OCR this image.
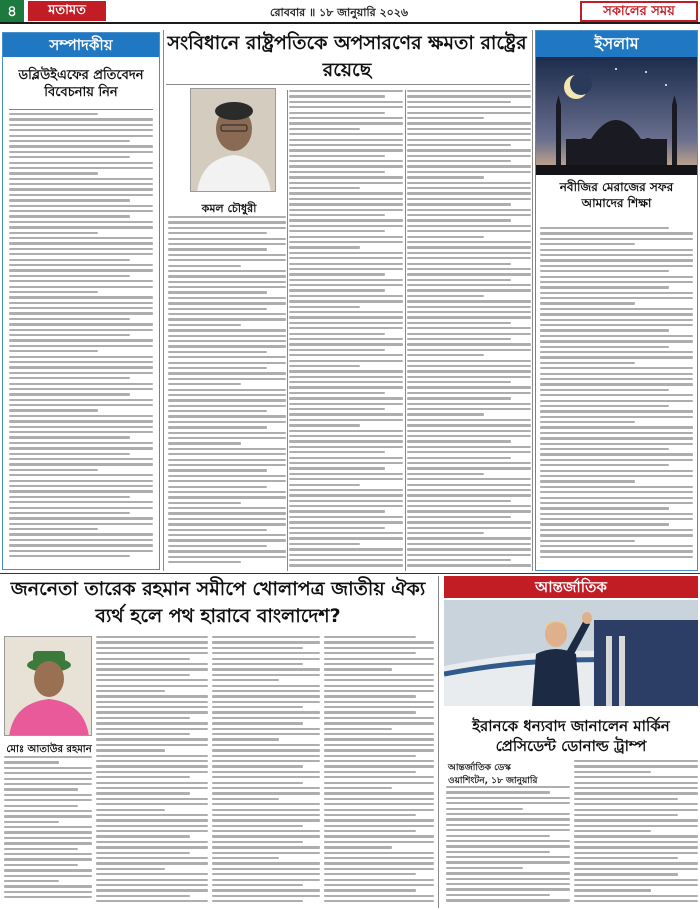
৪	মতামত	রোববার ॥ ১৮ জানুয়ারি ২০২৬	সকালের সময়
সম্পাদকীয়
ডব্লিউইএফের প্রতিবেদন বিবেচনায় নিন
সংবিধানে রাষ্ট্রপতিকে অপসারণের ক্ষমতা রাষ্ট্রের রয়েছে
কমল চৌধুরী
ইসলাম
নবীজির মেরাজের সফর আমাদের শিক্ষা
জননেতা তারেক রহমান সমীপে খোলাপত্র জাতীয় ঐক্য ব্যর্থ হলে পথ হারাবে বাংলাদেশ?
মোঃ আতাউর রহমান
আন্তর্জাতিক
ইরানকে ধন্যবাদ জানালেন মার্কিন প্রেসিডেন্ট ডোনাল্ড ট্রাম্প
আন্তর্জাতিক ডেস্ক
ওয়াশিংটন, ১৮ জানুয়ারি
